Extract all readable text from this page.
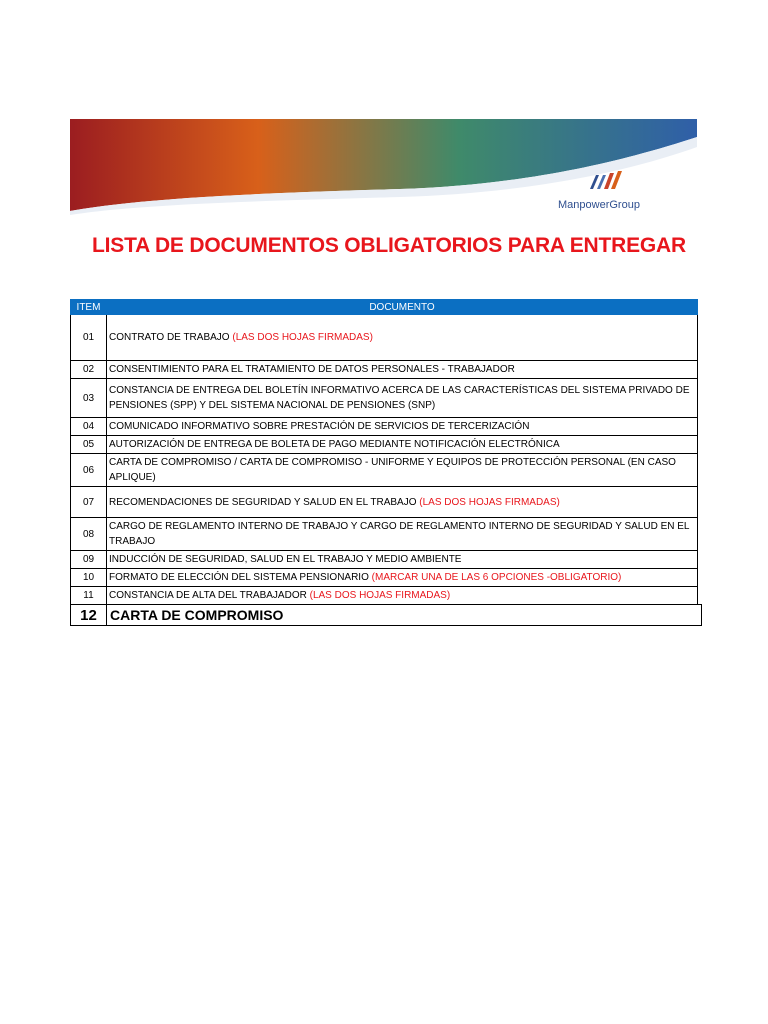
ManpowerGroup
LISTA DE DOCUMENTOS OBLIGATORIOS PARA ENTREGAR
ITEM	DOCUMENTO
01	CONTRATO DE TRABAJO (LAS DOS HOJAS FIRMADAS)
02	CONSENTIMIENTO PARA EL TRATAMIENTO DE DATOS PERSONALES - TRABAJADOR
03	CONSTANCIA DE ENTREGA DEL BOLETÍN INFORMATIVO ACERCA DE LAS CARACTERÍSTICAS DEL SISTEMA PRIVADO DE PENSIONES (SPP) Y DEL SISTEMA NACIONAL DE PENSIONES (SNP)
04	COMUNICADO INFORMATIVO SOBRE PRESTACIÓN DE SERVICIOS DE TERCERIZACIÓN
05	AUTORIZACIÓN DE ENTREGA DE BOLETA DE PAGO MEDIANTE NOTIFICACIÓN ELECTRÓNICA
06	CARTA DE COMPROMISO / CARTA DE COMPROMISO - UNIFORME Y EQUIPOS DE PROTECCIÓN PERSONAL (EN CASO APLIQUE)
07	RECOMENDACIONES DE SEGURIDAD Y SALUD EN EL TRABAJO (LAS DOS HOJAS FIRMADAS)
08	CARGO DE REGLAMENTO INTERNO DE TRABAJO Y CARGO DE REGLAMENTO INTERNO DE SEGURIDAD Y SALUD EN EL TRABAJO
09	INDUCCIÓN DE SEGURIDAD, SALUD EN EL TRABAJO Y MEDIO AMBIENTE
10	FORMATO DE ELECCIÓN DEL SISTEMA PENSIONARIO (MARCAR UNA DE LAS 6 OPCIONES -OBLIGATORIO)
11	CONSTANCIA DE ALTA DEL TRABAJADOR (LAS DOS HOJAS FIRMADAS)
12	CARTA DE COMPROMISO
